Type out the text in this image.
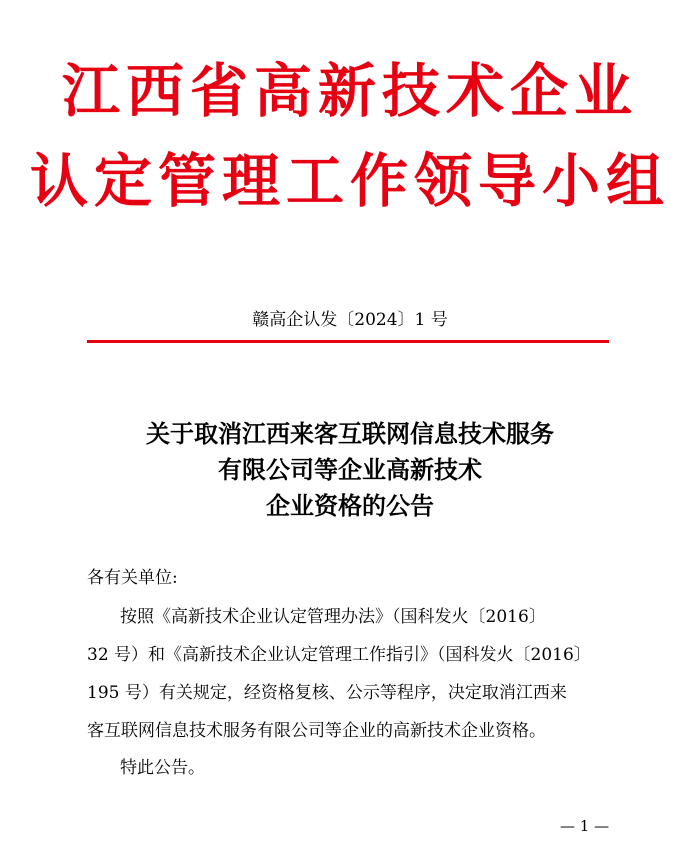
江西省高新技术企业
认定管理工作领导小组
赣高企认发〔2024〕1 号
关于取消江西来客互联网信息技术服务
有限公司等企业高新技术
企业资格的公告
各有关单位:
按照《高新技术企业认定管理办法》（国科发火〔2016〕
32 号）和《高新技术企业认定管理工作指引》（国科发火〔2016〕
195 号）有关规定，经资格复核、公示等程序，决定取消江西来
客互联网信息技术服务有限公司等企业的高新技术企业资格。
特此公告。
— 1 —
